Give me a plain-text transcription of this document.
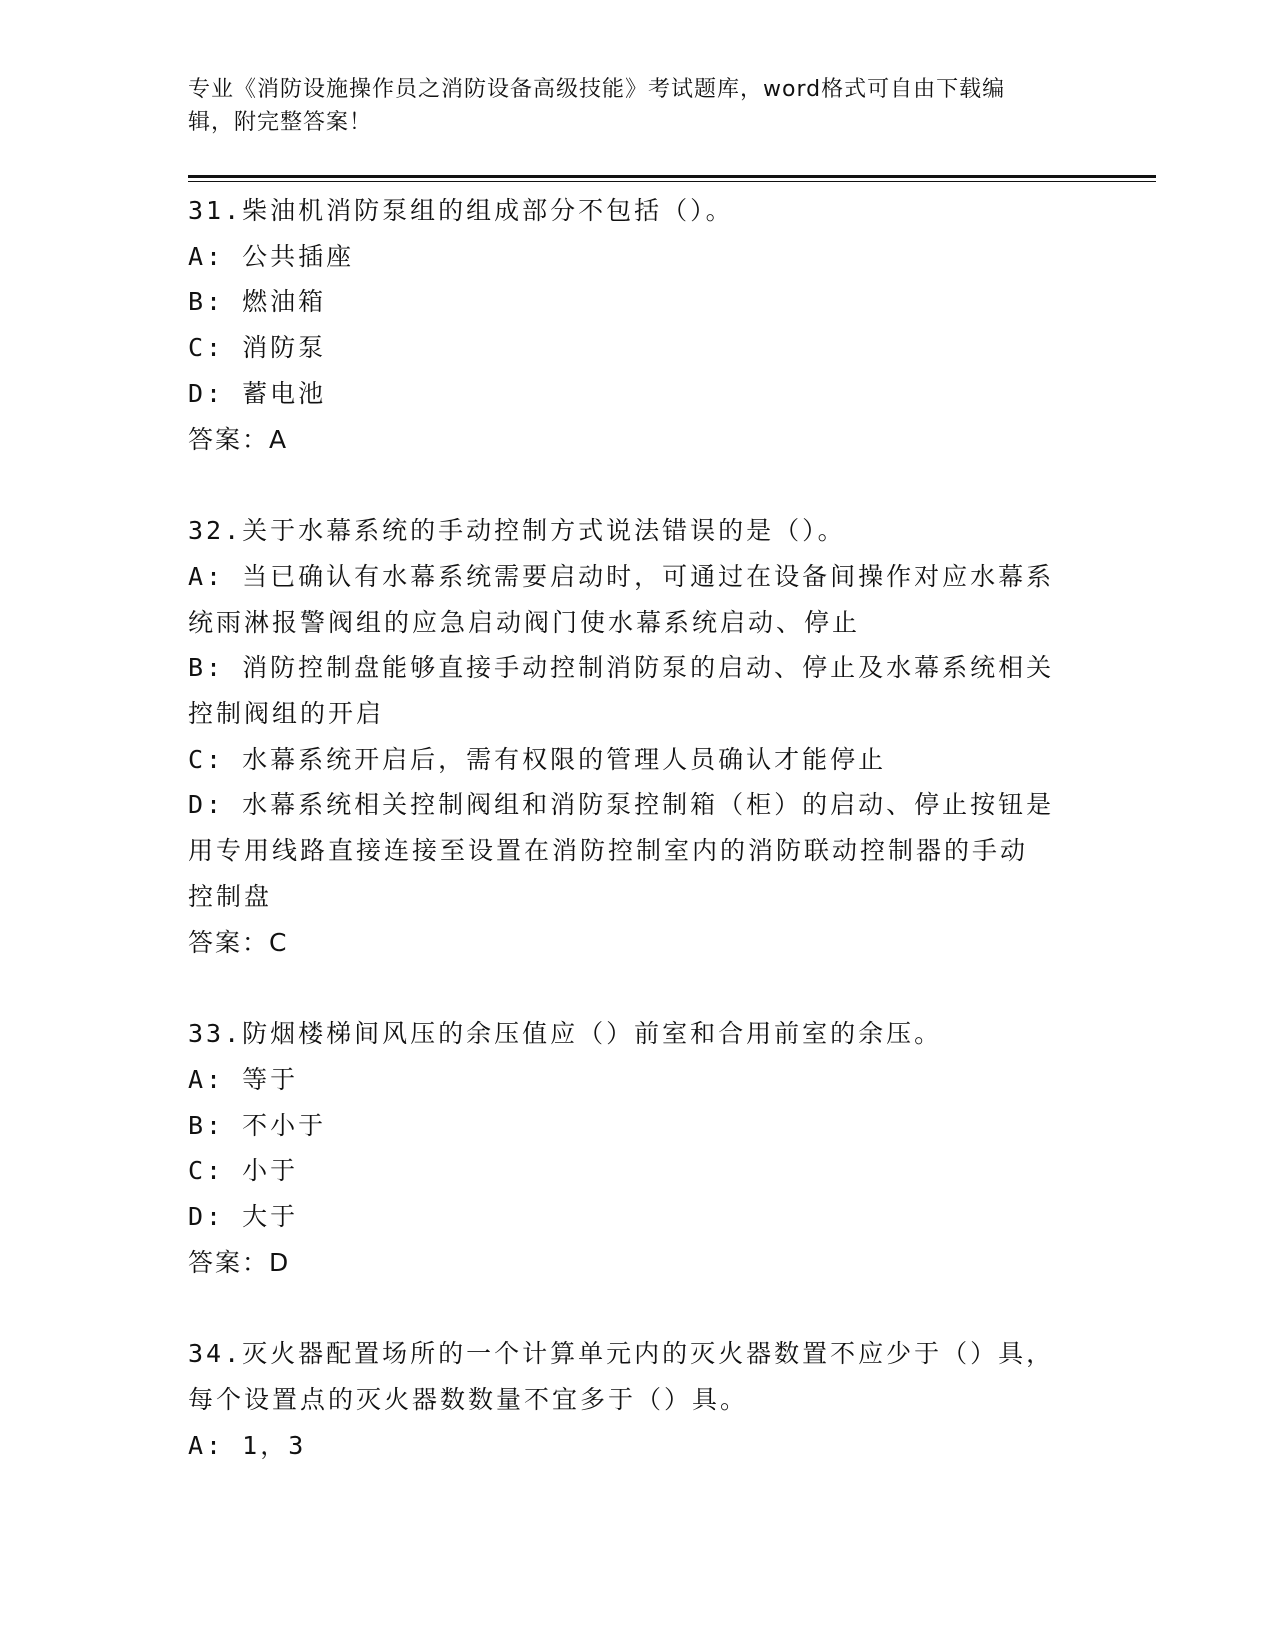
专业《消防设施操作员之消防设备高级技能》考试题库，word格式可自由下载编
辑，附完整答案！
31.柴油机消防泵组的组成部分不包括（）。
A: 公共插座
B: 燃油箱
C: 消防泵
D: 蓄电池
答案：A
32.关于水幕系统的手动控制方式说法错误的是（）。
A: 当已确认有水幕系统需要启动时，可通过在设备间操作对应水幕系
统雨淋报警阀组的应急启动阀门使水幕系统启动、停止
B: 消防控制盘能够直接手动控制消防泵的启动、停止及水幕系统相关
控制阀组的开启
C: 水幕系统开启后，需有权限的管理人员确认才能停止
D: 水幕系统相关控制阀组和消防泵控制箱（柜）的启动、停止按钮是
用专用线路直接连接至设置在消防控制室内的消防联动控制器的手动
控制盘
答案：C
33.防烟楼梯间风压的余压值应（）前室和合用前室的余压。
A: 等于
B: 不小于
C: 小于
D: 大于
答案：D
34.灭火器配置场所的一个计算单元内的灭火器数置不应少于（）具，
每个设置点的灭火器数数量不宜多于（）具。
A: 1，3
